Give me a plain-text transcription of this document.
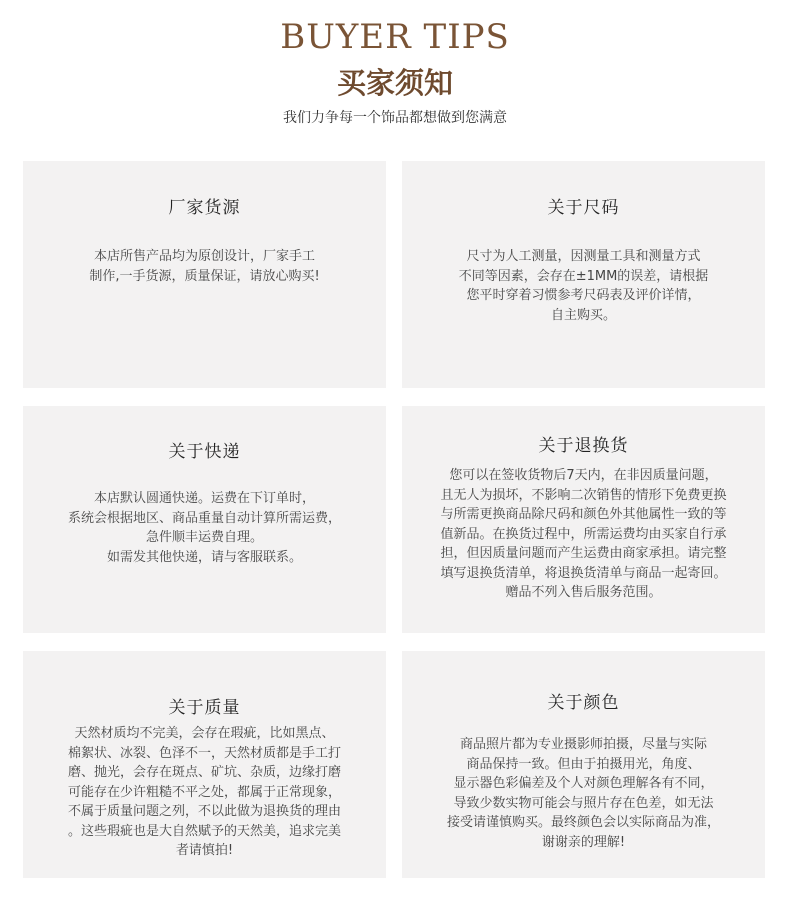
BUYER TIPS
买家须知
我们力争每一个饰品都想做到您满意
厂家货源
本店所售产品均为原创设计，厂家手工
制作,一手货源，质量保证，请放心购买!
关于尺码
尺寸为人工测量，因测量工具和测量方式
不同等因素，会存在±1MM的误差，请根据
您平时穿着习惯参考尺码表及评价详情，
自主购买。
关于快递
本店默认圆通快递。运费在下订单时，
系统会根据地区、商品重量自动计算所需运费，
急件顺丰运费自理。
如需发其他快递，请与客服联系。
关于退换货
您可以在签收货物后7天内，在非因质量问题，
且无人为损坏，不影响二次销售的情形下免费更换
与所需更换商品除尺码和颜色外其他属性一致的等
值新品。在换货过程中，所需运费均由买家自行承
担，但因质量问题而产生运费由商家承担。请完整
填写退换货清单，将退换货清单与商品一起寄回。
赠品不列入售后服务范围。
关于质量
天然材质均不完美，会存在瑕疵，比如黑点、
棉絮状、冰裂、色泽不一，天然材质都是手工打
磨、抛光，会存在斑点、矿坑、杂质，边缘打磨
可能存在少许粗糙不平之处，都属于正常现象，
不属于质量问题之列，不以此做为退换货的理由
。这些瑕疵也是大自然赋予的天然美，追求完美
者请慎拍!
关于颜色
商品照片都为专业摄影师拍摄，尽量与实际
商品保持一致。但由于拍摄用光，角度、
显示器色彩偏差及个人对颜色理解各有不同，
导致少数实物可能会与照片存在色差，如无法
接受请谨慎购买。最终颜色会以实际商品为准，
谢谢亲的理解!
